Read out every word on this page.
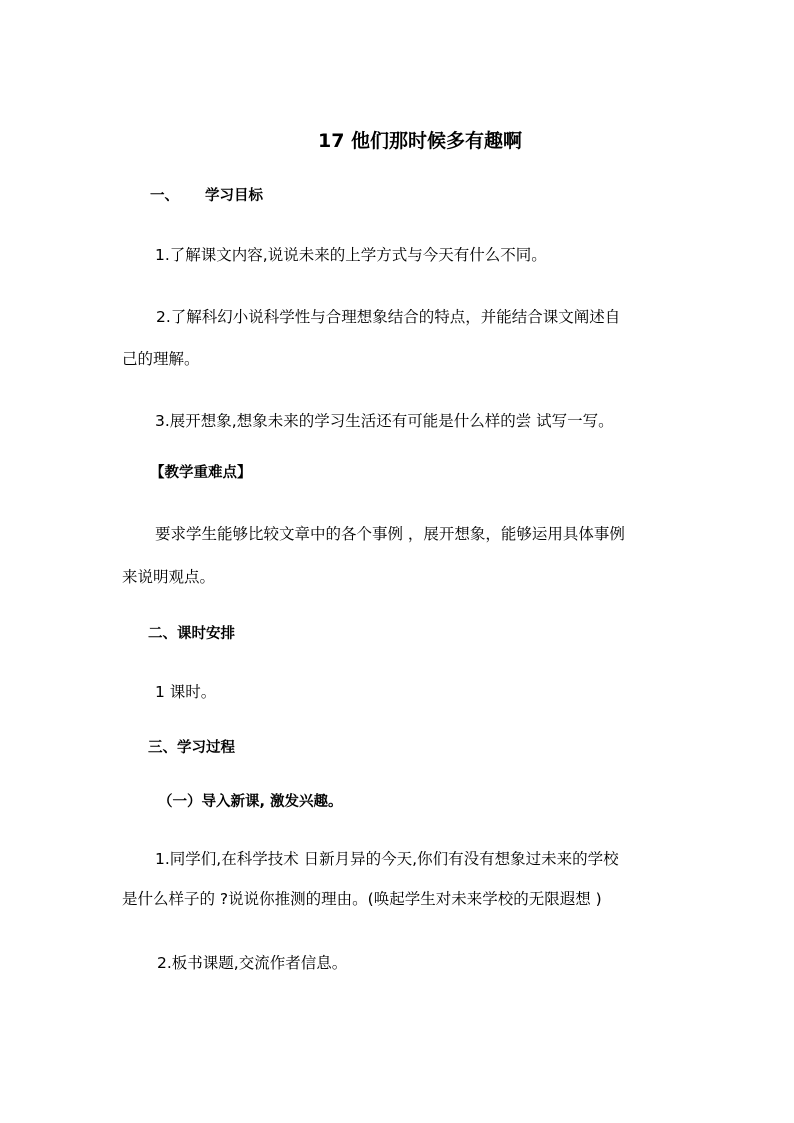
17 他们那时候多有趣啊
一、 学习目标
1.了解课文内容,说说未来的上学方式与今天有什么不同。
2.了解科幻小说科学性与合理想象结合的特点，并能结合课文阐述自
己的理解。
3.展开想象,想象未来的学习生活还有可能是什么样的尝 试写一写。
【教学重难点】
要求学生能够比较文章中的各个事例 ，展开想象，能够运用具体事例
来说明观点。
二、课时安排
1 课时。
三、学习过程
（一）导入新课, 激发兴趣。
1.同学们,在科学技术 日新月异的今天,你们有没有想象过未来的学校
是什么样子的 ?说说你推测的理由。(唤起学生对未来学校的无限遐想 )
2.板书课题,交流作者信息。
